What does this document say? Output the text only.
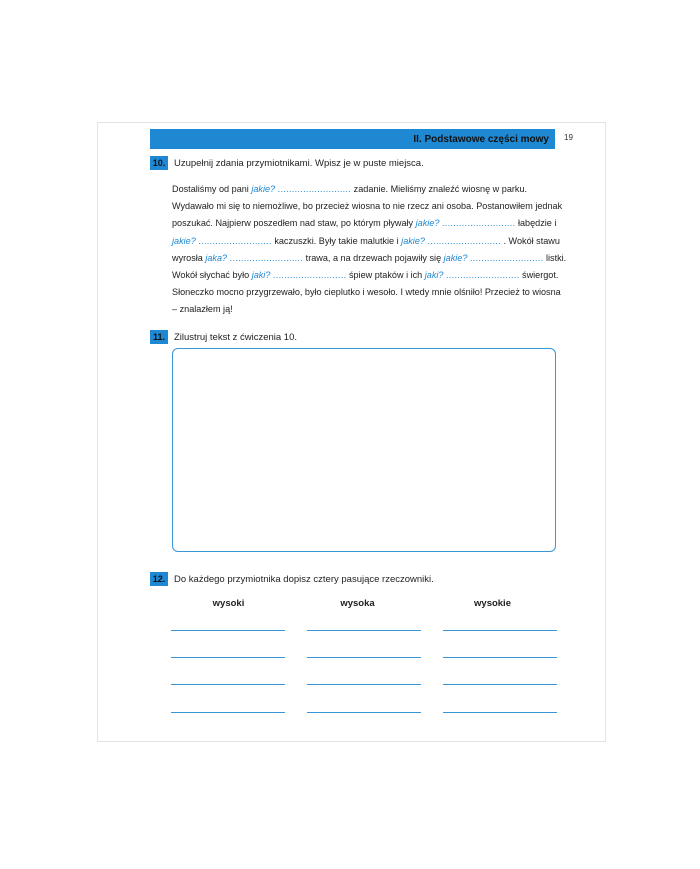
II. Podstawowe części mowy 19
10. Uzupełnij zdania przymiotnikami. Wpisz je w puste miejsca.
Dostaliśmy od pani jakie? .......................... zadanie. Mieliśmy znaleźć wiosnę w parku. Wydawało mi się to niemożliwe, bo przecież wiosna to nie rzecz ani osoba. Postanowiłem jednak poszukać. Najpierw poszedłem nad staw, po którym pływały jakie? .......................... łabędzie i jakie? .......................... kaczuszki. Były takie malutkie i jakie? .......................... . Wokół stawu wyrosła jaka? .......................... trawa, a na drzewach pojawiły się jakie? .......................... listki. Wokół słychać było jaki? .......................... śpiew ptaków i ich jaki? .......................... świergot. Słoneczko mocno przygrzewało, było cieplutko i wesoło. I wtedy mnie olśniło! Przecież to wiosna – znalazłem ją!
11. Zilustruj tekst z ćwiczenia 10.
12. Do każdego przymiotnika dopisz cztery pasujące rzeczowniki.
wysoki	wysoka	wysokie
